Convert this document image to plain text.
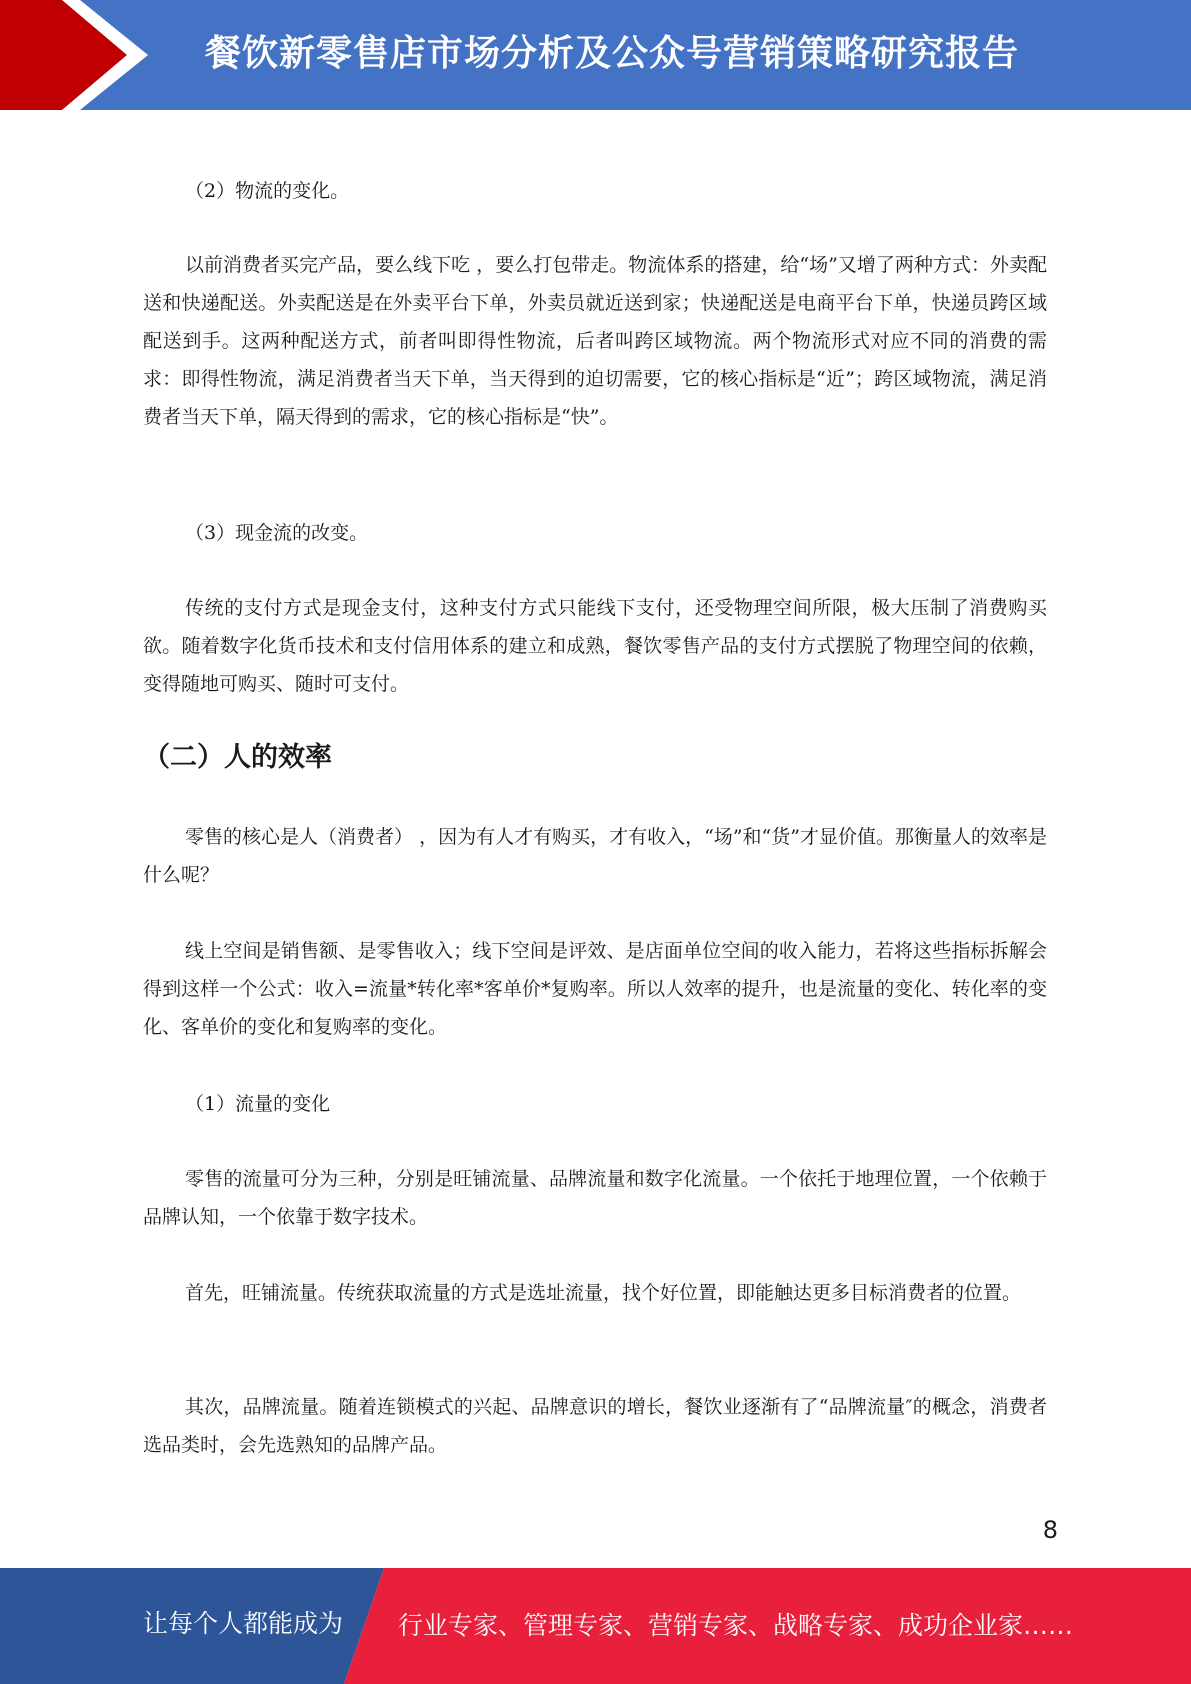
餐饮新零售店市场分析及公众号营销策略研究报告

（2）物流的变化。

以前消费者买完产品，要么线下吃 ，要么打包带走。物流体系的搭建，给“场”又增了两种方式：外卖配送和快递配送。外卖配送是在外卖平台下单，外卖员就近送到家；快递配送是电商平台下单，快递员跨区域配送到手。这两种配送方式，前者叫即得性物流，后者叫跨区域物流。两个物流形式对应不同的消费的需求：即得性物流，满足消费者当天下单，当天得到的迫切需要，它的核心指标是“近”；跨区域物流，满足消费者当天下单，隔天得到的需求，它的核心指标是“快”。

（3）现金流的改变。

传统的支付方式是现金支付，这种支付方式只能线下支付，还受物理空间所限，极大压制了消费购买欲。随着数字化货币技术和支付信用体系的建立和成熟，餐饮零售产品的支付方式摆脱了物理空间的依赖，变得随地可购买、随时可支付。

（二）人的效率

零售的核心是人（消费者） ，因为有人才有购买，才有收入，“场”和“货”才显价值。那衡量人的效率是什么呢？

线上空间是销售额、是零售收入；线下空间是评效、是店面单位空间的收入能力，若将这些指标拆解会得到这样一个公式：收入=流量*转化率*客单价*复购率。所以人效率的提升，也是流量的变化、转化率的变化、客单价的变化和复购率的变化。

（1）流量的变化

零售的流量可分为三种，分别是旺铺流量、品牌流量和数字化流量。一个依托于地理位置，一个依赖于品牌认知，一个依靠于数字技术。

首先，旺铺流量。传统获取流量的方式是选址流量，找个好位置，即能触达更多目标消费者的位置。

其次，品牌流量。随着连锁模式的兴起、品牌意识的增长，餐饮业逐渐有了“品牌流量″的概念，消费者选品类时，会先选熟知的品牌产品。

8
让每个人都能成为 行业专家、管理专家、营销专家、战略专家、成功企业家……
